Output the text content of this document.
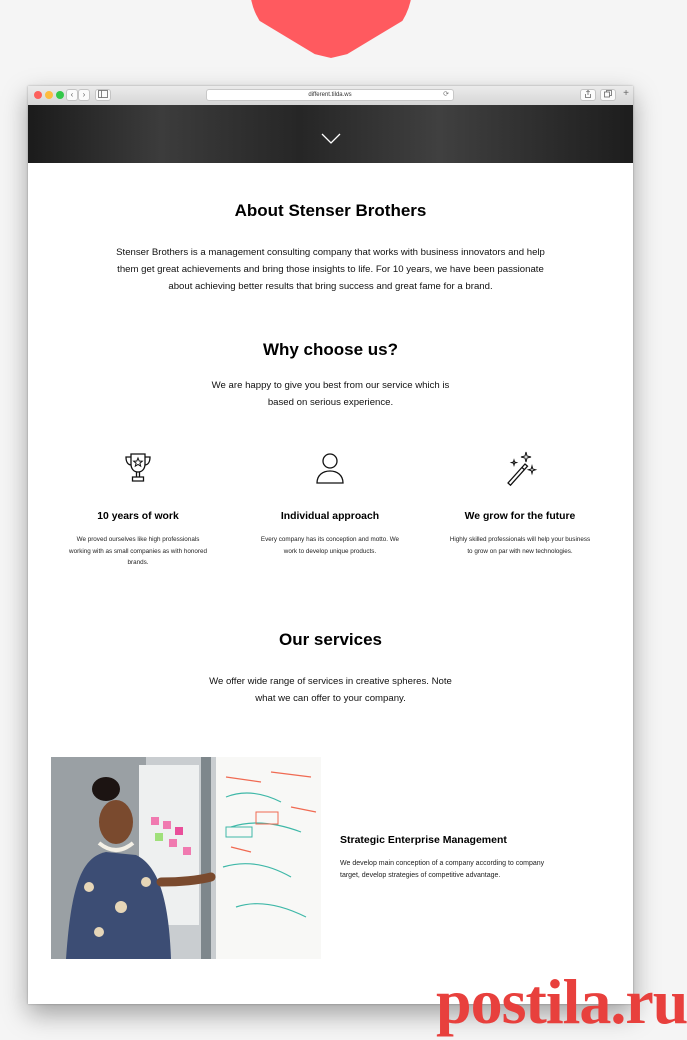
‹	›	different.tilda.ws	⟳	+
About Stenser Brothers
Stenser Brothers is a management consulting company that works with business innovators and help
them get great achievements and bring those insights to life. For 10 years, we have been passionate
about achieving better results that bring success and great fame for a brand.
Why choose us?
We are happy to give you best from our service which is
based on serious experience.
10 years of work
We proved ourselves like high professionals
working with as small companies as with honored
brands.
Individual approach
Every company has its conception and motto. We
work to develop unique products.
We grow for the future
Highly skilled professionals will help your business
to grow on par with new technologies.
Our services
We offer wide range of services in creative spheres. Note
what we can offer to your company.
Strategic Enterprise Management
We develop main conception of a company according to company
target, develop strategies of competitive advantage.
postila.ru
